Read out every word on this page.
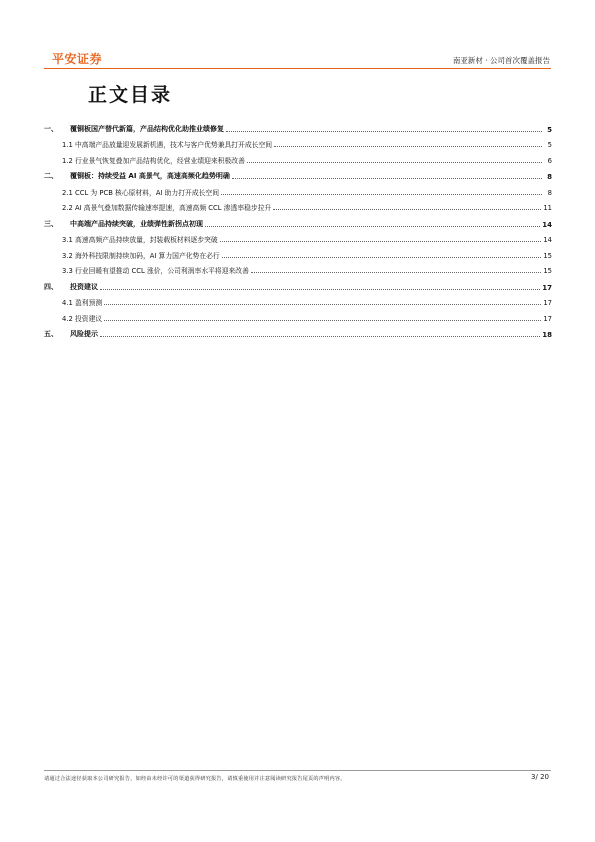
平安证券	南亚新材 · 公司首次覆盖报告
正文目录
一、	覆铜板国产替代新篇，产品结构优化助推业绩修复	5
1.1 中高端产品放量迎发展新机遇，技术与客户优势兼具打开成长空间	5
1.2 行业景气恢复叠加产品结构优化，经营业绩迎来积极改善	6
二、	覆铜板：持续受益 AI 高景气，高速高频化趋势明确	8
2.1 CCL 为 PCB 核心原材料，AI 助力打开成长空间	8
2.2 AI 高景气叠加数据传输速率提速，高速高频 CCL 渗透率稳步拉升	11
三、	中高端产品持续突破，业绩弹性新拐点初现	14
3.1 高速高频产品持续放量，封装载板材料逐步突破	14
3.2 海外科技限制持续加码，AI 算力国产化势在必行	15
3.3 行业回暖有望推动 CCL 涨价，公司利润率水平将迎来改善	15
四、	投资建议	17
4.1 盈利预测	17
4.2 投资建议	17
五、	风险提示	18
请通过合法途径获取本公司研究报告，如经由未经许可的渠道获得研究报告，请慎重使用并注意阅读研究报告尾页的声明内容。	3/ 20
